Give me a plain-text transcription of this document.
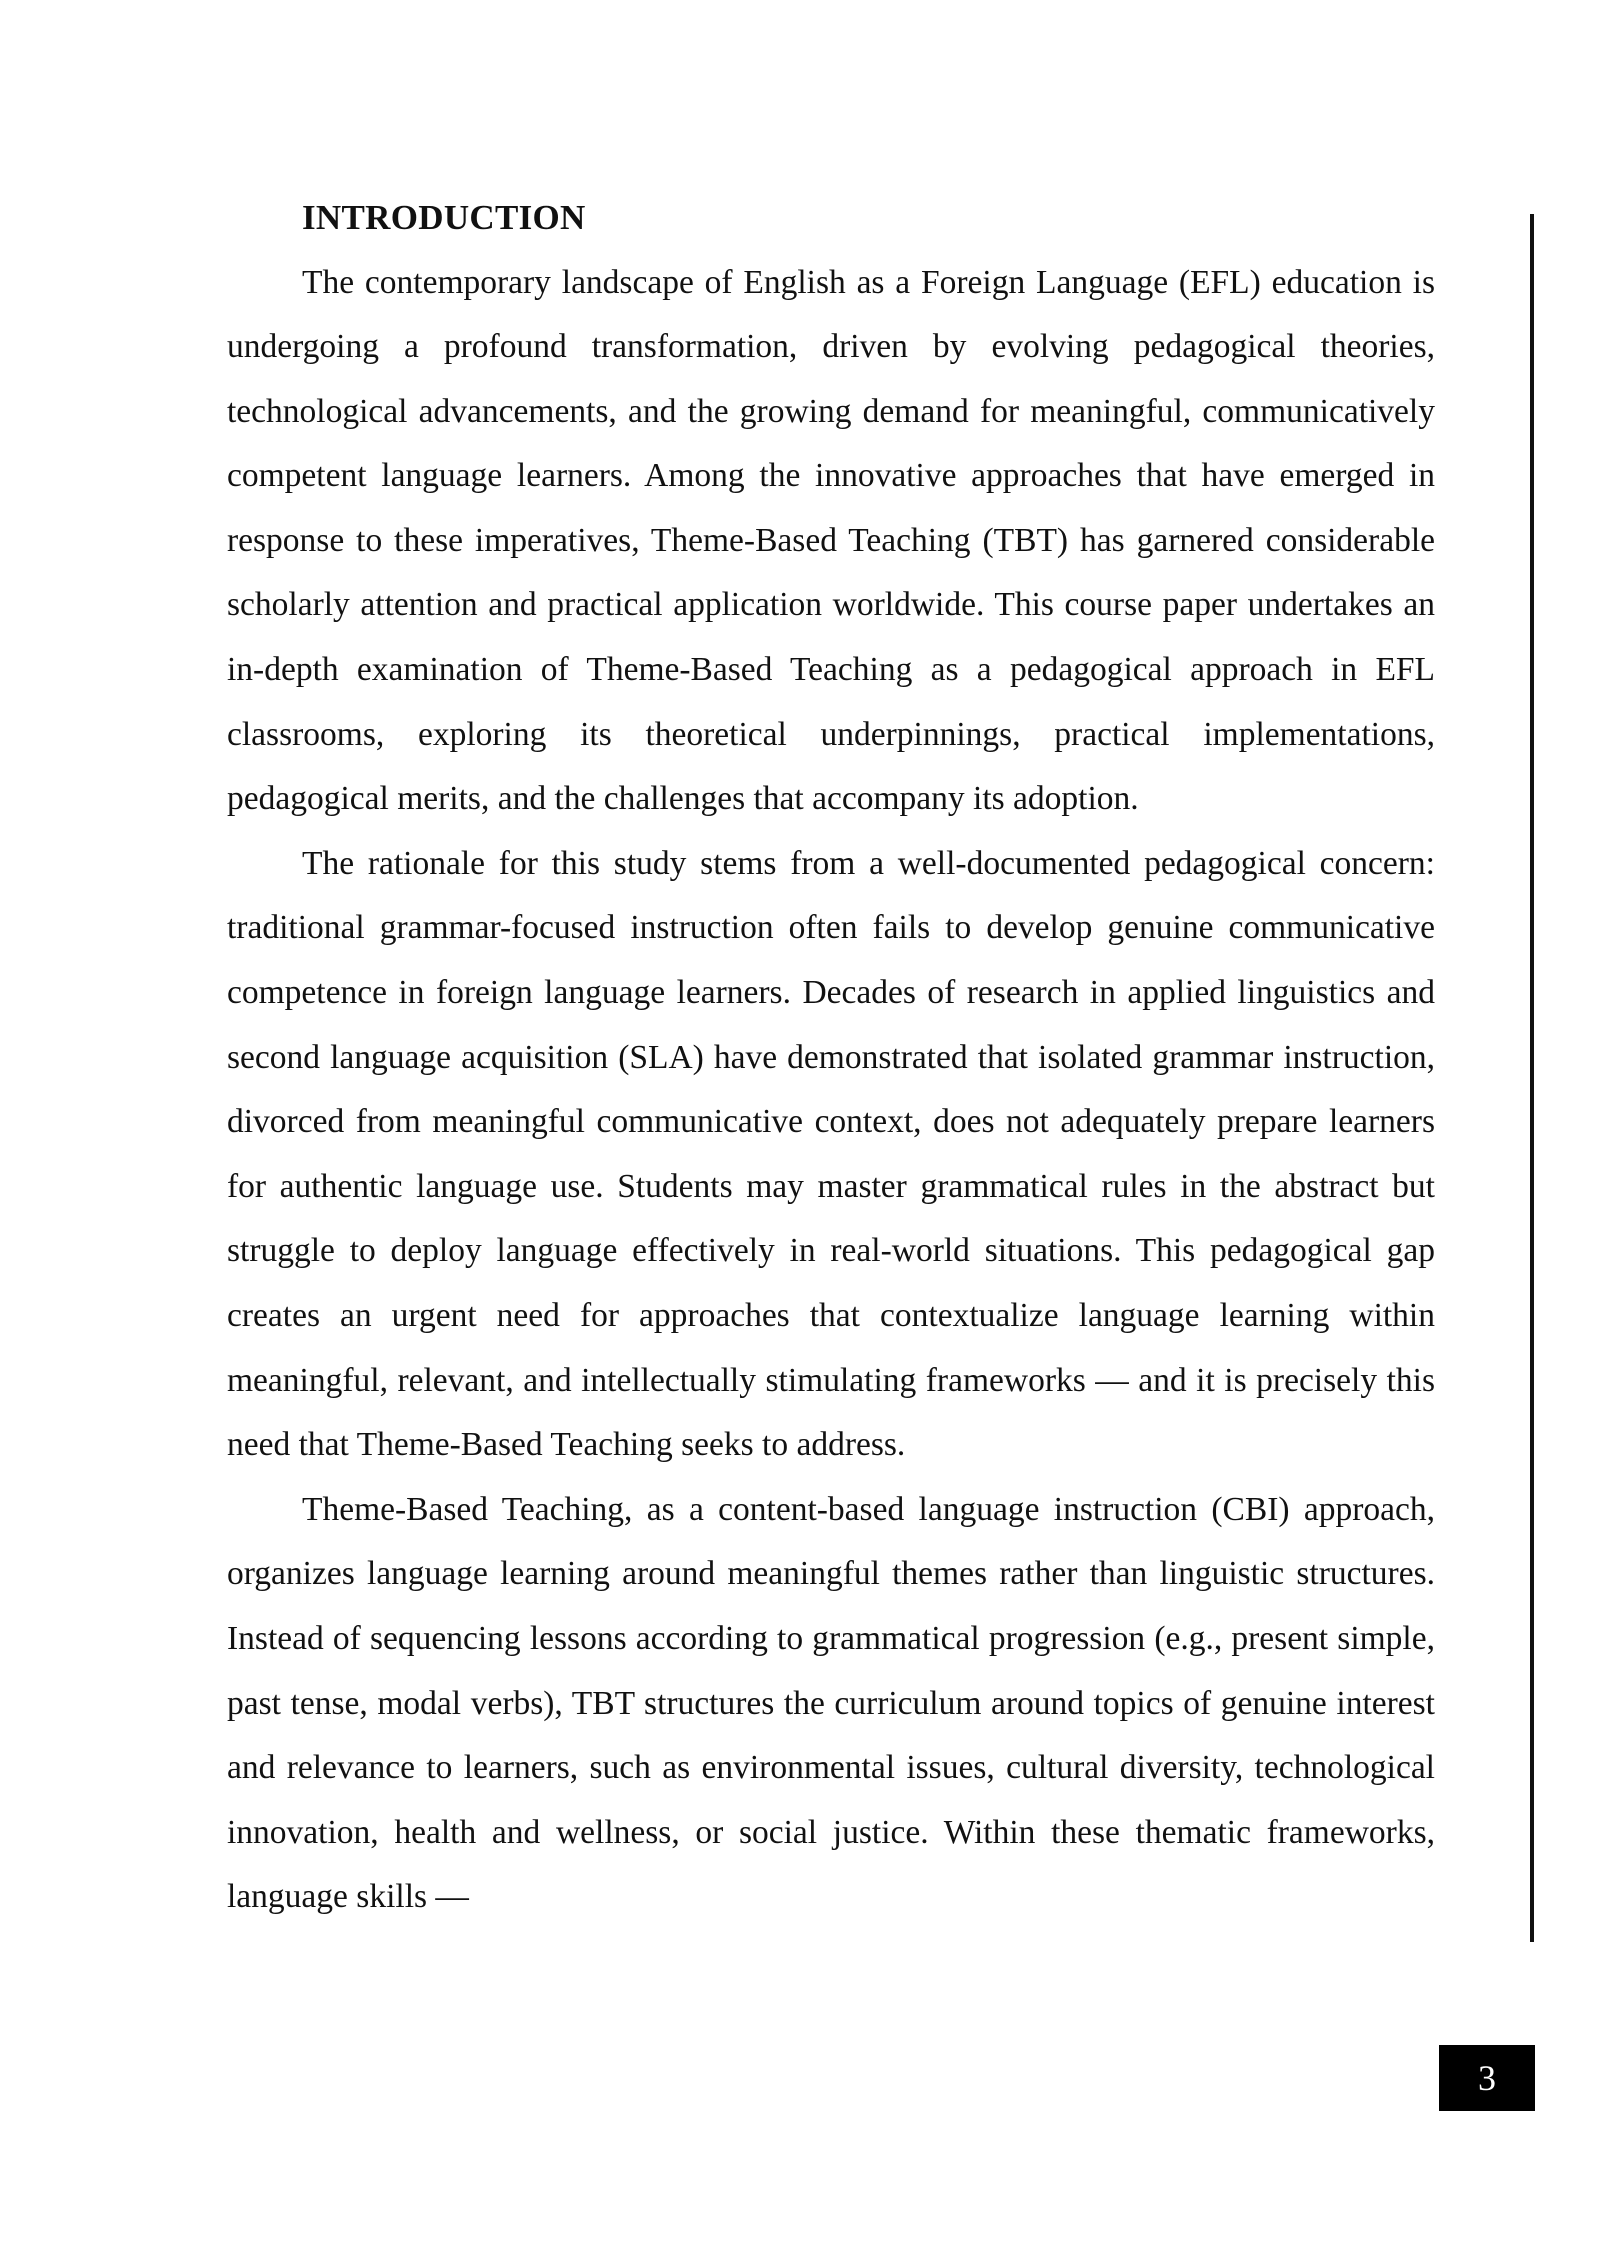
INTRODUCTION

The contemporary landscape of English as a Foreign Language (EFL) education is undergoing a profound transformation, driven by evolving pedagogical theories, technological advancements, and the growing demand for meaningful, communicatively competent language learners. Among the innovative approaches that have emerged in response to these imperatives, Theme-Based Teaching (TBT) has garnered considerable scholarly attention and practical application worldwide. This course paper undertakes an in-depth examination of Theme-Based Teaching as a pedagogical approach in EFL classrooms, exploring its theoretical underpinnings, practical implementations, pedagogical merits, and the challenges that accompany its adoption.

The rationale for this study stems from a well-documented pedagogical concern: traditional grammar-focused instruction often fails to develop genuine communicative competence in foreign language learners. Decades of research in applied linguistics and second language acquisition (SLA) have demonstrated that isolated grammar instruction, divorced from meaningful communicative context, does not adequately prepare learners for authentic language use. Students may master grammatical rules in the abstract but struggle to deploy language effectively in real-world situations. This pedagogical gap creates an urgent need for approaches that contextualize language learning within meaningful, relevant, and intellectually stimulating frameworks — and it is precisely this need that Theme-Based Teaching seeks to address.

Theme-Based Teaching, as a content-based language instruction (CBI) approach, organizes language learning around meaningful themes rather than linguistic structures. Instead of sequencing lessons according to grammatical progression (e.g., present simple, past tense, modal verbs), TBT structures the curriculum around topics of genuine interest and relevance to learners, such as environmental issues, cultural diversity, technological innovation, health and wellness, or social justice. Within these thematic frameworks, language skills —

3
